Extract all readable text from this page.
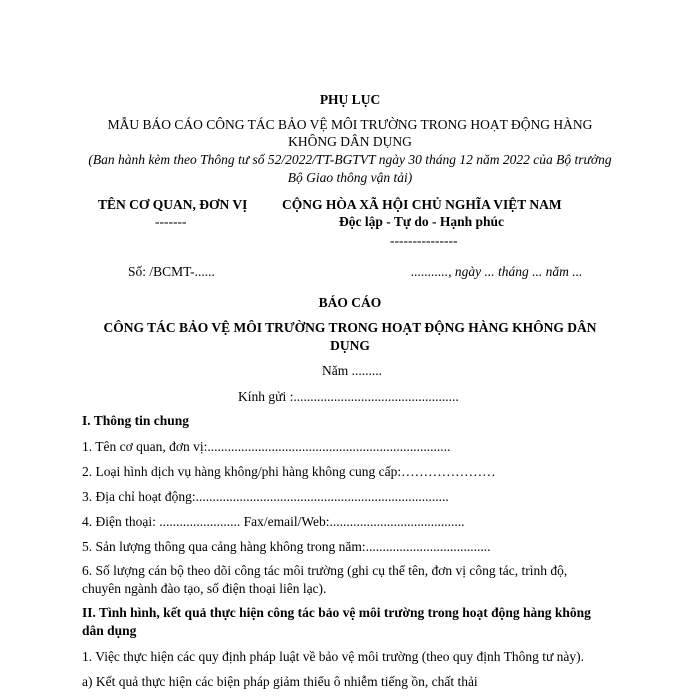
PHỤ LỤC
MẪU BÁO CÁO CÔNG TÁC BẢO VỆ MÔI TRƯỜNG TRONG HOẠT ĐỘNG HÀNG
KHÔNG DÂN DỤNG
(Ban hành kèm theo Thông tư số 52/2022/TT-BGTVT ngày 30 tháng 12 năm 2022 của Bộ trưởng
Bộ Giao thông vận tải)
TÊN CƠ QUAN, ĐƠN VỊ
-------
CỘNG HÒA XÃ HỘI CHỦ NGHĨA VIỆT NAM
Độc lập - Tự do - Hạnh phúc
---------------
Số: /BCMT-......	..........., ngày ... tháng ... năm ...
BÁO CÁO
CÔNG TÁC BẢO VỆ MÔI TRƯỜNG TRONG HOẠT ĐỘNG HÀNG KHÔNG DÂN
DỤNG
Năm .........
Kính gửi :.................................................
I. Thông tin chung
1. Tên cơ quan, đơn vị:........................................................................
2. Loại hình dịch vụ hàng không/phi hàng không cung cấp:…………………
3. Địa chỉ hoạt động:...........................................................................
4. Điện thoại: ........................ Fax/email/Web:........................................
5. Sản lượng thông qua cảng hàng không trong năm:.....................................
6. Số lượng cán bộ theo dõi công tác môi trường (ghi cụ thể tên, đơn vị công tác, trình độ,
chuyên ngành đào tạo, số điện thoại liên lạc).
II. Tình hình, kết quả thực hiện công tác bảo vệ môi trường trong hoạt động hàng không
dân dụng
1. Việc thực hiện các quy định pháp luật về bảo vệ môi trường (theo quy định Thông tư này).
a) Kết quả thực hiện các biện pháp giảm thiểu ô nhiễm tiếng ồn, chất thải
